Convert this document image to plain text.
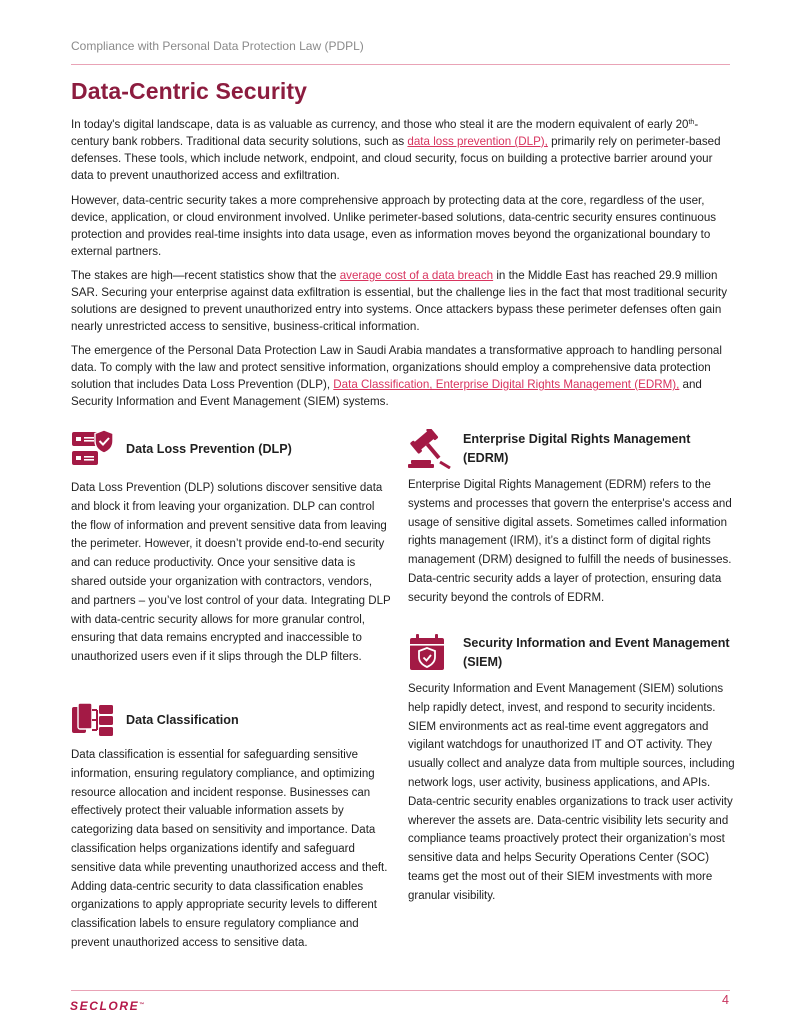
Compliance with Personal Data Protection Law (PDPL)
Data-Centric Security

In today's digital landscape, data is as valuable as currency, and those who steal it are the modern equivalent of early 20th-century bank robbers. Traditional data security solutions, such as data loss prevention (DLP), primarily rely on perimeter-based defenses. These tools, which include network, endpoint, and cloud security, focus on building a protective barrier around your data to prevent unauthorized access and exfiltration.

However, data-centric security takes a more comprehensive approach by protecting data at the core, regardless of the user, device, application, or cloud environment involved. Unlike perimeter-based solutions, data-centric security ensures continuous protection and provides real-time insights into data usage, even as information moves beyond the organizational boundary to external partners.

The stakes are high—recent statistics show that the average cost of a data breach in the Middle East has reached 29.9 million SAR. Securing your enterprise against data exfiltration is essential, but the challenge lies in the fact that most traditional security solutions are designed to prevent unauthorized entry into systems. Once attackers bypass these perimeter defenses often gain nearly unrestricted access to sensitive, business-critical information.

The emergence of the Personal Data Protection Law in Saudi Arabia mandates a transformative approach to handling personal data. To comply with the law and protect sensitive information, organizations should employ a comprehensive data protection solution that includes Data Loss Prevention (DLP), Data Classification, Enterprise Digital Rights Management (EDRM), and Security Information and Event Management (SIEM) systems.

Data Loss Prevention (DLP)
Data Loss Prevention (DLP) solutions discover sensitive data and block it from leaving your organization. DLP can control the flow of information and prevent sensitive data from leaving the perimeter. However, it doesn’t provide end-to-end security and can reduce productivity. Once your sensitive data is shared outside your organization with contractors, vendors, and partners – you’ve lost control of your data. Integrating DLP with data-centric security allows for more granular control, ensuring that data remains encrypted and inaccessible to unauthorized users even if it slips through the DLP filters.
Data Classification
Data classification is essential for safeguarding sensitive information, ensuring regulatory compliance, and optimizing resource allocation and incident response. Businesses can effectively protect their valuable information assets by categorizing data based on sensitivity and importance. Data classification helps organizations identify and safeguard sensitive data while preventing unauthorized access and theft. Adding data-centric security to data classification enables organizations to apply appropriate security levels to different classification labels to ensure regulatory compliance and prevent unauthorized access to sensitive data.
Enterprise Digital Rights Management (EDRM)
Enterprise Digital Rights Management (EDRM) refers to the systems and processes that govern the enterprise's access and usage of sensitive digital assets. Sometimes called information rights management (IRM), it’s a distinct form of digital rights management (DRM) designed to fulfill the needs of businesses. Data-centric security adds a layer of protection, ensuring data security beyond the controls of EDRM.
Security Information and Event Management (SIEM)
Security Information and Event Management (SIEM) solutions help rapidly detect, invest, and respond to security incidents. SIEM environments act as real-time event aggregators and vigilant watchdogs for unauthorized IT and OT activity. They usually collect and analyze data from multiple sources, including network logs, user activity, business applications, and APIs. Data-centric security enables organizations to track user activity wherever the assets are. Data-centric visibility lets security and compliance teams proactively protect their organization’s most sensitive data and helps Security Operations Center (SOC) teams get the most out of their SIEM investments with more granular visibility.
SECLORE™	4
